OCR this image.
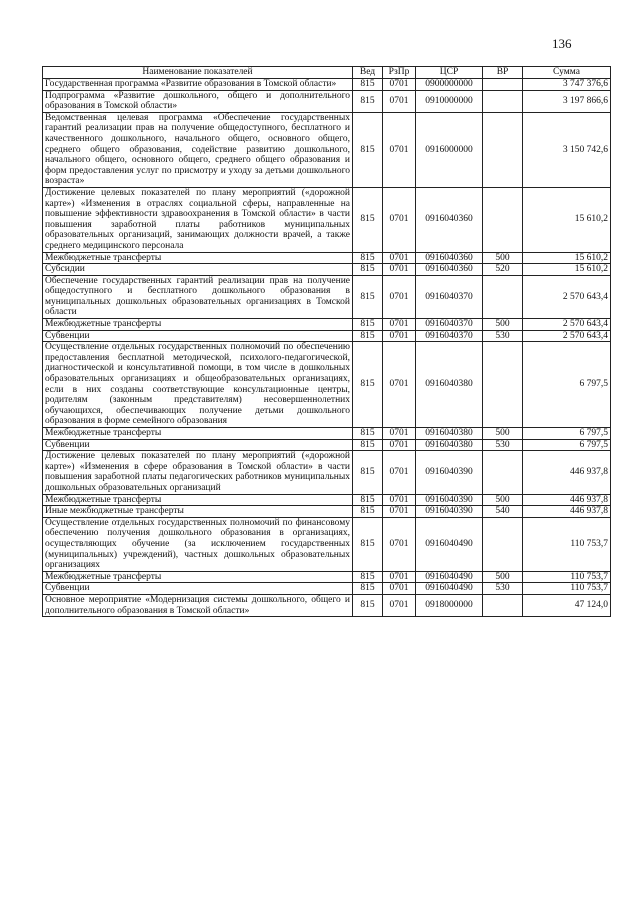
136
Наименование показателей	Вед	РзПр	ЦСР	ВР	Сумма
Государственная программа «Развитие образования в Томской области»	815	0701	0900000000		3 747 376,6
Подпрограмма «Развитие дошкольного, общего и дополнительного образования в Томской области»	815	0701	0910000000		3 197 866,6
Ведомственная целевая программа «Обеспечение государственных гарантий реализации прав на получение общедоступного, бесплатного и качественного дошкольного, начального общего, основного общего, среднего общего образования, содействие развитию дошкольного, начального общего, основного общего, среднего общего образования и форм предоставления услуг по присмотру и уходу за детьми дошкольного возраста»	815	0701	0916000000		3 150 742,6
Достижение целевых показателей по плану мероприятий («дорожной карте») «Изменения в отраслях социальной сферы, направленные на повышение эффективности здравоохранения в Томской области» в части повышения заработной платы работников муниципальных образовательных организаций, занимающих должности врачей, а также среднего медицинского персонала	815	0701	0916040360		15 610,2
Межбюджетные трансферты	815	0701	0916040360	500	15 610,2
Субсидии	815	0701	0916040360	520	15 610,2
Обеспечение государственных гарантий реализации прав на получение общедоступного и бесплатного дошкольного образования в муниципальных дошкольных образовательных организациях в Томской области	815	0701	0916040370		2 570 643,4
Межбюджетные трансферты	815	0701	0916040370	500	2 570 643,4
Субвенции	815	0701	0916040370	530	2 570 643,4
Осуществление отдельных государственных полномочий по обеспечению предоставления бесплатной методической, психолого-педагогической, диагностической и консультативной помощи, в том числе в дошкольных образовательных организациях и общеобразовательных организациях, если в них созданы соответствующие консультационные центры, родителям (законным представителям) несовершеннолетних обучающихся, обеспечивающих получение детьми дошкольного образования в форме семейного образования	815	0701	0916040380		6 797,5
Межбюджетные трансферты	815	0701	0916040380	500	6 797,5
Субвенции	815	0701	0916040380	530	6 797,5
Достижение целевых показателей по плану мероприятий («дорожной карте») «Изменения в сфере образования в Томской области» в части повышения заработной платы педагогических работников муниципальных дошкольных образовательных организаций	815	0701	0916040390		446 937,8
Межбюджетные трансферты	815	0701	0916040390	500	446 937,8
Иные межбюджетные трансферты	815	0701	0916040390	540	446 937,8
Осуществление отдельных государственных полномочий по финансовому обеспечению получения дошкольного образования в организациях, осуществляющих обучение (за исключением государственных (муниципальных) учреждений), частных дошкольных образовательных организациях	815	0701	0916040490		110 753,7
Межбюджетные трансферты	815	0701	0916040490	500	110 753,7
Субвенции	815	0701	0916040490	530	110 753,7
Основное мероприятие «Модернизация системы дошкольного, общего и дополнительного образования в Томской области»	815	0701	0918000000		47 124,0
